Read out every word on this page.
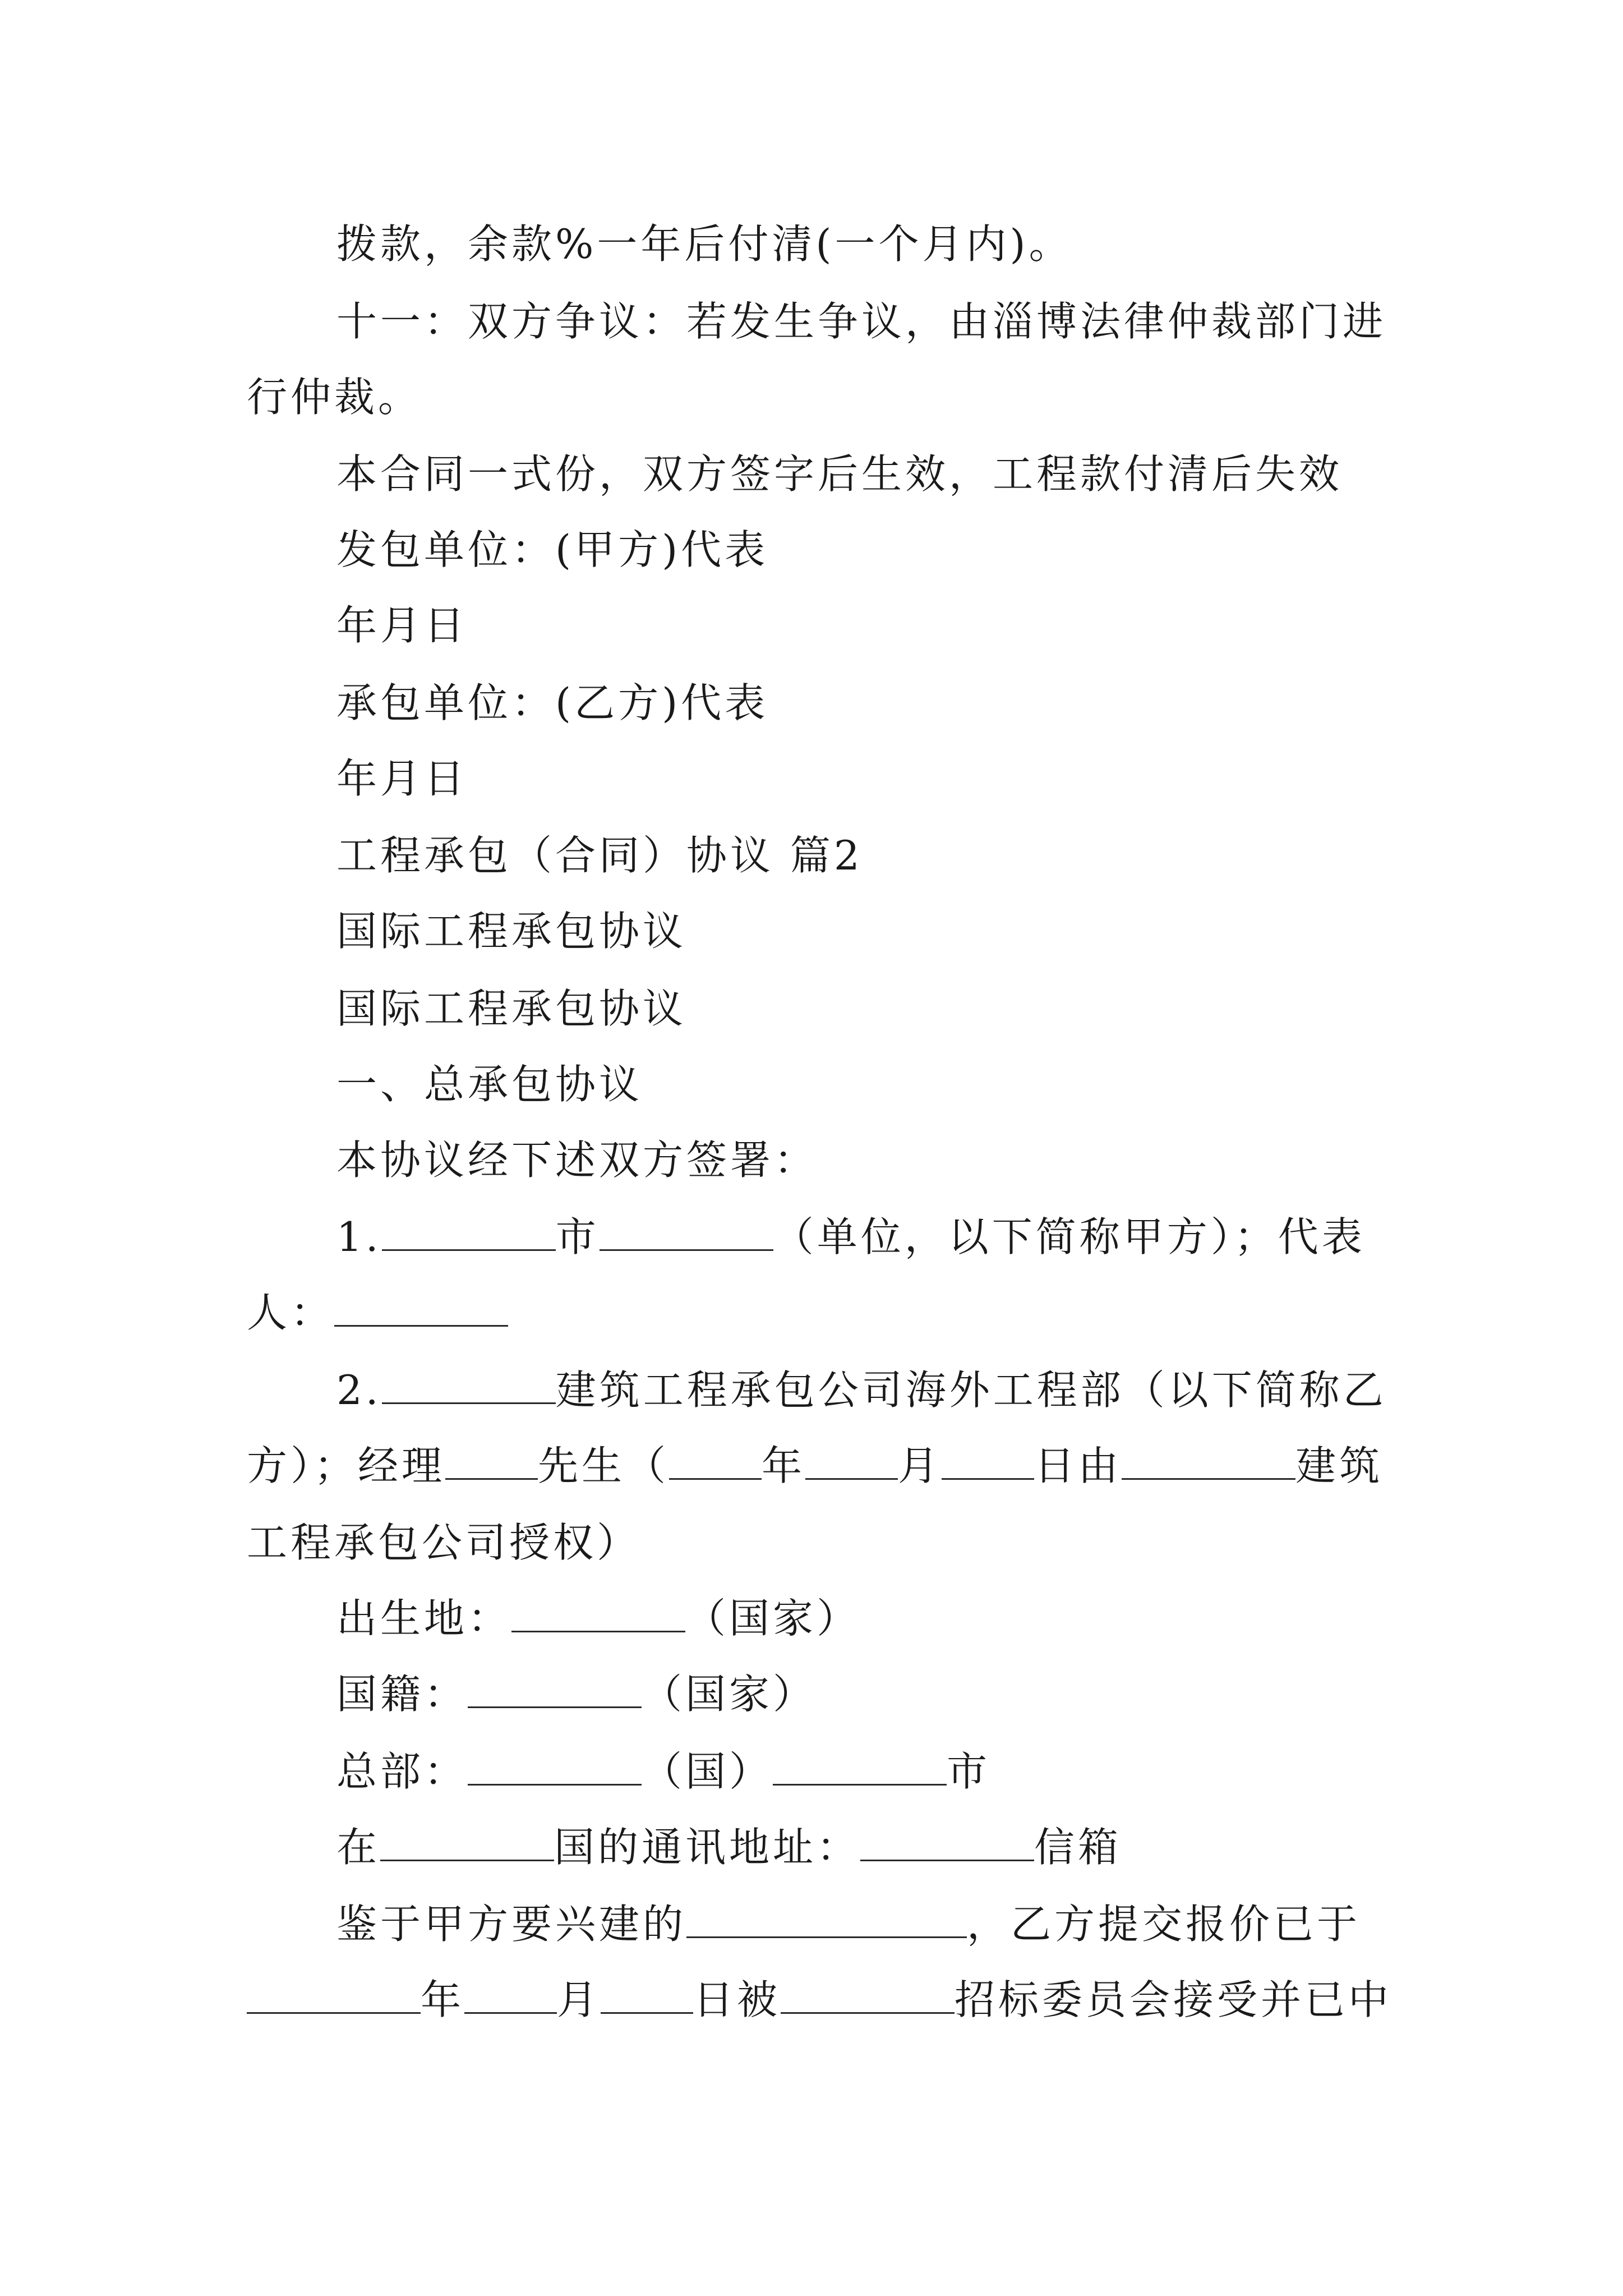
拨款，余款%一年后付清(一个月内)。
十一：双方争议：若发生争议，由淄博法律仲裁部门进
行仲裁。
本合同一式份，双方签字后生效，工程款付清后失效
发包单位：(甲方)代表
年月日
承包单位：(乙方)代表
年月日
工程承包（合同）协议 篇2
国际工程承包协议
国际工程承包协议
一、总承包协议
本协议经下述双方签署：
1.	市	（单位，以下简称甲方）；代表
人：
2.	建筑工程承包公司海外工程部（以下简称乙
方）；经理 先生（ 年 月 日由	建筑
工程承包公司授权）
出生地：	（国家）
国籍：	（国家）
总部：	（国）	市
在	国的通讯地址：	信箱
鉴于甲方要兴建的	，乙方提交报价已于
年 月 日被	招标委员会接受并已中
